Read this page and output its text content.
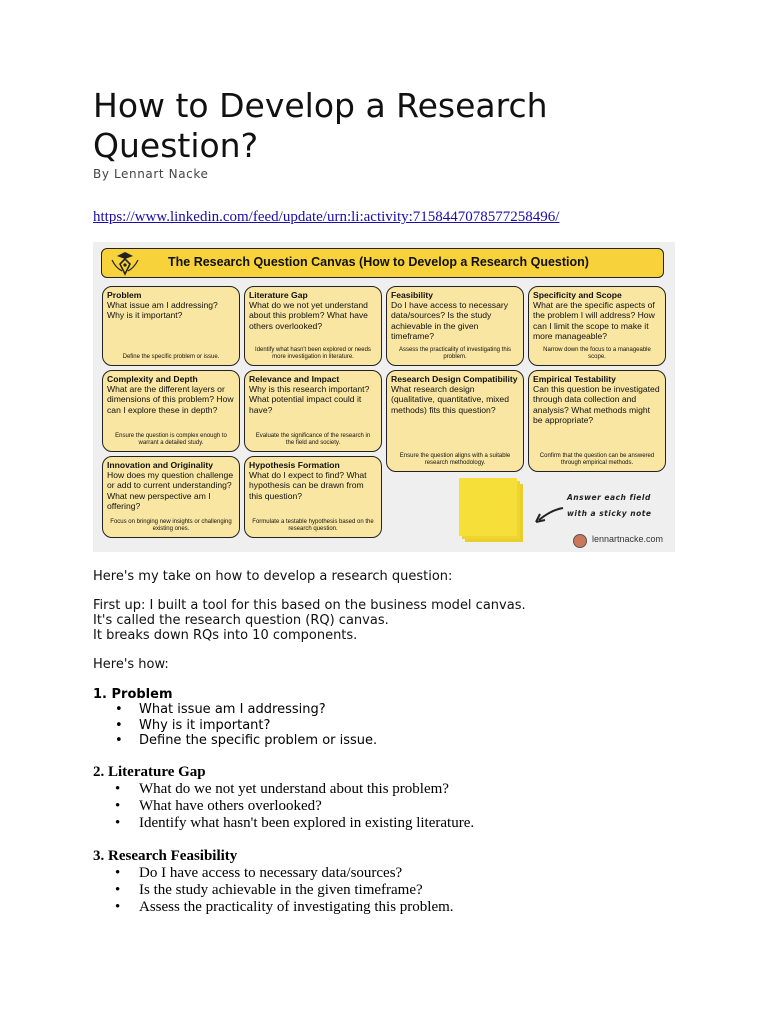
How to Develop a Research Question?
By Lennart Nacke
https://www.linkedin.com/feed/update/urn:li:activity:7158447078577258496/
The Research Question Canvas (How to Develop a Research Question)
Problem
What issue am I addressing? Why is it important?
Define the specific problem or issue.
Literature Gap
What do we not yet understand about this problem? What have others overlooked?
Identify what hasn't been explored or needs more investigation in literature.
Feasibility
Do I have access to necessary data/sources? Is the study achievable in the given timeframe?
Assess the practicality of investigating this problem.
Specificity and Scope
What are the specific aspects of the problem I will address? How can I limit the scope to make it more manageable?
Narrow down the focus to a manageable scope.
Complexity and Depth
What are the different layers or dimensions of this problem? How can I explore these in depth?
Ensure the question is complex enough to warrant a detailed study.
Relevance and Impact
Why is this research important? What potential impact could it have?
Evaluate the significance of the research in the field and society.
Research Design Compatibility
What research design (qualitative, quantitative, mixed methods) fits this question?
Ensure the question aligns with a suitable research methodology.
Empirical Testability
Can this question be investigated through data collection and analysis? What methods might be appropriate?
Confirm that the question can be answered through empirical methods.
Innovation and Originality
How does my question challenge or add to current understanding? What new perspective am I offering?
Focus on bringing new insights or challenging existing ones.
Hypothesis Formation
What do I expect to find? What hypothesis can be drawn from this question?
Formulate a testable hypothesis based on the research question.
Answer each field
with a sticky note
lennartnacke.com
Here's my take on how to develop a research question:
First up: I built a tool for this based on the business model canvas.
It's called the research question (RQ) canvas.
It breaks down RQs into 10 components.
Here's how:
1. Problem
• What issue am I addressing?
• Why is it important?
• Define the specific problem or issue.
2. Literature Gap
• What do we not yet understand about this problem?
• What have others overlooked?
• Identify what hasn't been explored in existing literature.
3. Research Feasibility
• Do I have access to necessary data/sources?
• Is the study achievable in the given timeframe?
• Assess the practicality of investigating this problem.
